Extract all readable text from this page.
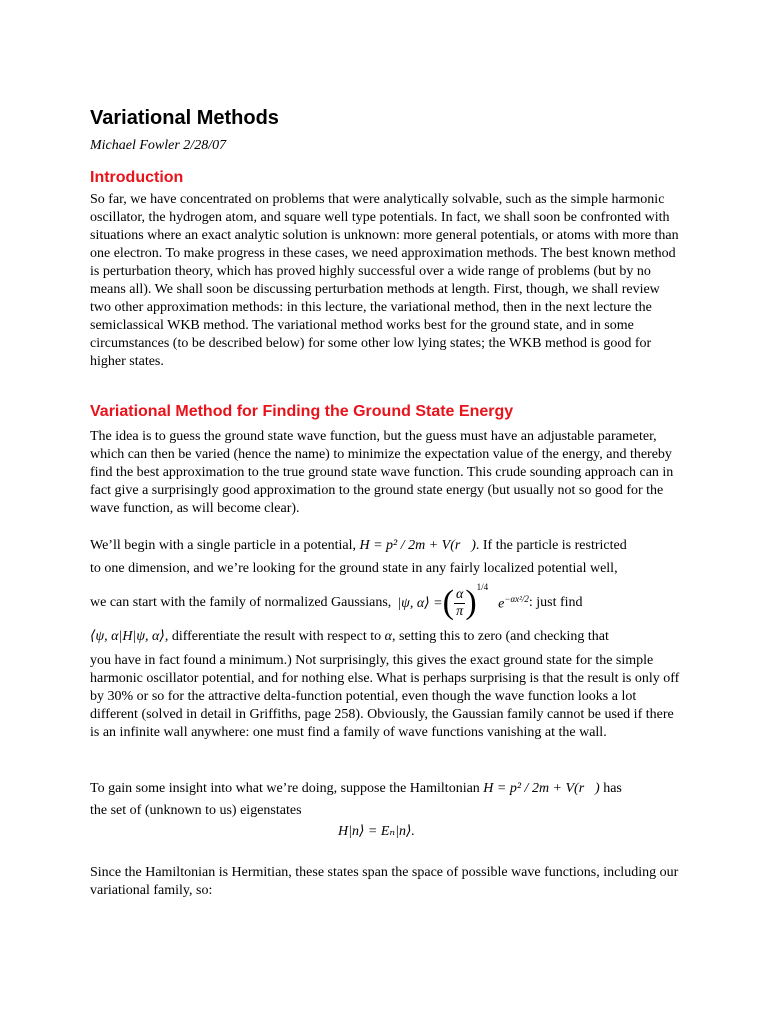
Variational Methods
Michael Fowler 2/28/07
Introduction

So far, we have concentrated on problems that were analytically solvable, such as the simple harmonic oscillator, the hydrogen atom, and square well type potentials. In fact, we shall soon be confronted with situations where an exact analytic solution is unknown: more general potentials, or atoms with more than one electron. To make progress in these cases, we need approximation methods. The best known method is perturbation theory, which has proved highly successful over a wide range of problems (but by no means all). We shall soon be discussing perturbation methods at length. First, though, we shall review two other approximation methods: in this lecture, the variational method, then in the next lecture the semiclassical WKB method. The variational method works best for the ground state, and in some circumstances (to be described below) for some other low lying states; the WKB method is good for higher states.

Variational Method for Finding the Ground State Energy

The idea is to guess the ground state wave function, but the guess must have an adjustable parameter, which can then be varied (hence the name) to minimize the expectation value of the energy, and thereby find the best approximation to the true ground state wave function. This crude sounding approach can in fact give a surprisingly good approximation to the ground state energy (but usually not so good for the wave function, as will become clear).

We’ll begin with a single particle in a potential, H = p² / 2m + V(r⃗). If the particle is restricted
to one dimension, and we’re looking for the ground state in any fairly localized potential well,
we can start with the family of normalized Gaussians, |ψ, α⟩ = ( $\frac{\alpha}{\pi} )^{1/4}$
$e^{-\alpha x^2/2}$ : just find
⟨ψ, α|H|ψ, α⟩, differentiate the result with respect to α, setting this to zero (and checking that

you have in fact found a minimum.) Not surprisingly, this gives the exact ground state for the simple harmonic oscillator potential, and for nothing else. What is perhaps surprising is that the result is only off by 30% or so for the attractive delta-function potential, even though the wave function looks a lot different (solved in detail in Griffiths, page 258). Obviously, the Gaussian family cannot be used if there is an infinite wall anywhere: one must find a family of wave functions vanishing at the wall.

To gain some insight into what we’re doing, suppose the Hamiltonian H = p² / 2m + V(r⃗) has
the set of (unknown to us) eigenstates
H|n⟩ = Eₙ|n⟩.

Since the Hamiltonian is Hermitian, these states span the space of possible wave functions, including our variational family, so:
